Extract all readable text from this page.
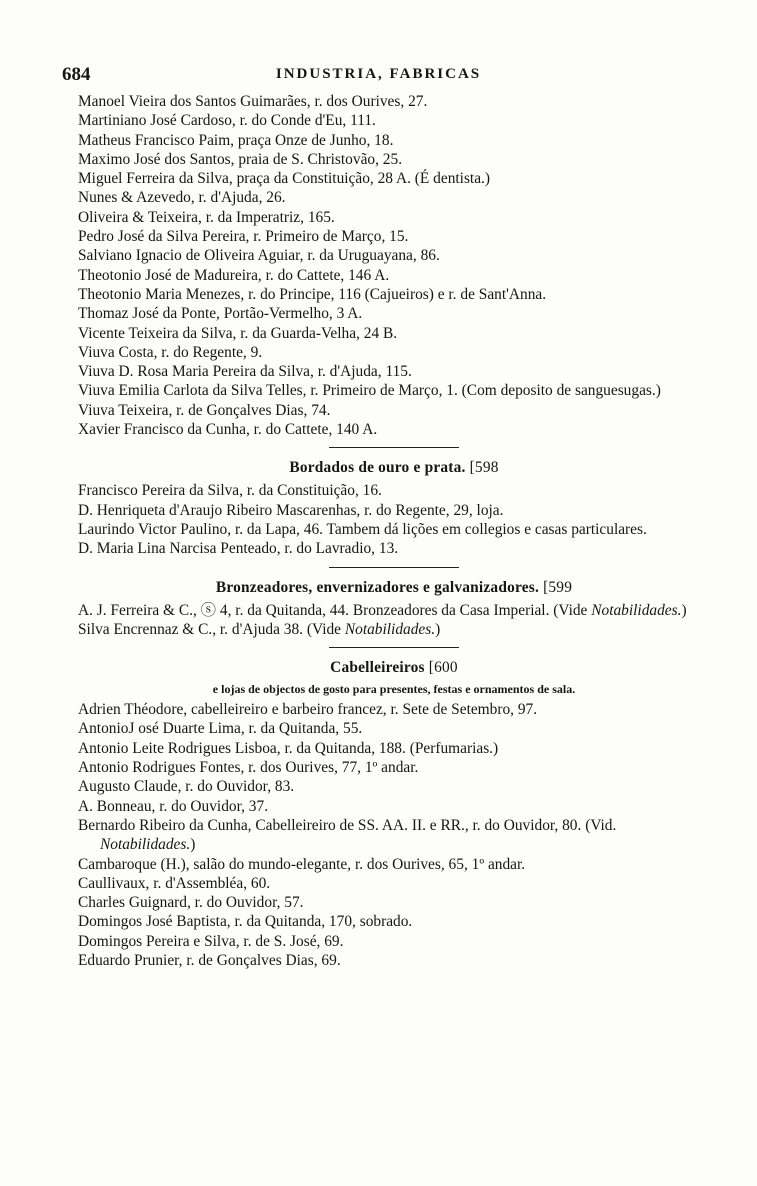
684	INDUSTRIA, FABRICAS
Manoel Vieira dos Santos Guimarães, r. dos Ourives, 27.
Martiniano José Cardoso, r. do Conde d'Eu, 111.
Matheus Francisco Paim, praça Onze de Junho, 18.
Maximo José dos Santos, praia de S. Christovão, 25.
Miguel Ferreira da Silva, praça da Constituição, 28 A. (É dentista.)
Nunes & Azevedo, r. d'Ajuda, 26.
Oliveira & Teixeira, r. da Imperatriz, 165.
Pedro José da Silva Pereira, r. Primeiro de Março, 15.
Salviano Ignacio de Oliveira Aguiar, r. da Uruguayana, 86.
Theotonio José de Madureira, r. do Cattete, 146 A.
Theotonio Maria Menezes, r. do Principe, 116 (Cajueiros) e r. de Sant'Anna.
Thomaz José da Ponte, Portão-Vermelho, 3 A.
Vicente Teixeira da Silva, r. da Guarda-Velha, 24 B.
Viuva Costa, r. do Regente, 9.
Viuva D. Rosa Maria Pereira da Silva, r. d'Ajuda, 115.
Viuva Emilia Carlota da Silva Telles, r. Primeiro de Março, 1. (Com deposito de sanguesugas.)
Viuva Teixeira, r. de Gonçalves Dias, 74.
Xavier Francisco da Cunha, r. do Cattete, 140 A.
Bordados de ouro e prata. [598
Francisco Pereira da Silva, r. da Constituição, 16.
D. Henriqueta d'Araujo Ribeiro Mascarenhas, r. do Regente, 29, loja.
Laurindo Victor Paulino, r. da Lapa, 46. Tambem dá lições em collegios e casas particulares.
D. Maria Lina Narcisa Penteado, r. do Lavradio, 13.
Bronzeadores, envernizadores e galvanizadores. [599
A. J. Ferreira & C., ⓢ 4, r. da Quitanda, 44. Bronzeadores da Casa Imperial. (Vide Notabilidades.)
Silva Encrennaz & C., r. d'Ajuda 38. (Vide Notabilidades.)
Cabelleireiros [600
e lojas de objectos de gosto para presentes, festas e ornamentos de sala.
Adrien Théodore, cabelleireiro e barbeiro francez, r. Sete de Setembro, 97.
AntonioJ osé Duarte Lima, r. da Quitanda, 55.
Antonio Leite Rodrigues Lisboa, r. da Quitanda, 188. (Perfumarias.)
Antonio Rodrigues Fontes, r. dos Ourives, 77, 1º andar.
Augusto Claude, r. do Ouvidor, 83.
A. Bonneau, r. do Ouvidor, 37.
Bernardo Ribeiro da Cunha, Cabelleireiro de SS. AA. II. e RR., r. do Ouvidor, 80. (Vid. Notabilidades.)
Cambaroque (H.), salão do mundo-elegante, r. dos Ourives, 65, 1º andar.
Caullivaux, r. d'Assembléa, 60.
Charles Guignard, r. do Ouvidor, 57.
Domingos José Baptista, r. da Quitanda, 170, sobrado.
Domingos Pereira e Silva, r. de S. José, 69.
Eduardo Prunier, r. de Gonçalves Dias, 69.
